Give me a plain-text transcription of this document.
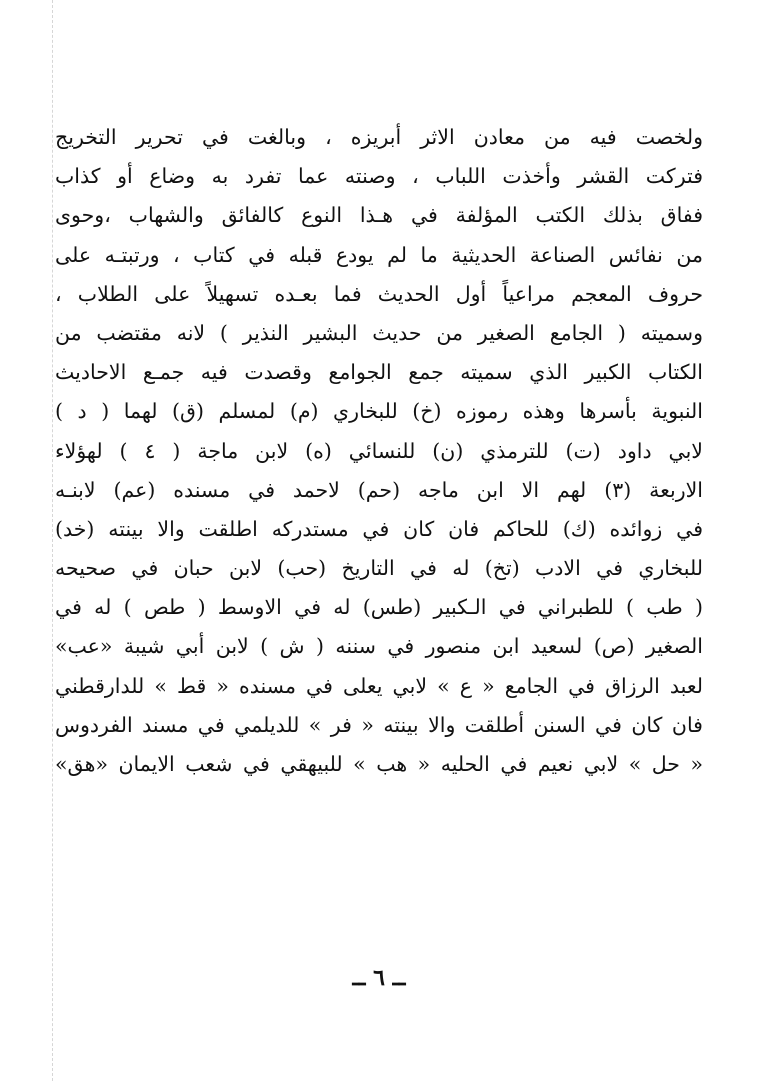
ولخصت فيه من معادن الاثر أبريزه ، وبالغت في تحرير التخريج
فتركت القشر وأخذت اللباب ، وصنته عما تفرد به وضاع أو كذاب
ففاق بذلك الكتب المؤلفة في هـذا النوع كالفائق والشهاب ،وحوى
من نفائس الصناعة الحديثية ما لم يودع قبله في كتاب ، ورتبتـه على
حروف المعجم مراعياً أول الحديث فما بعـده تسهيلاً على الطلاب ،
وسميته ( الجامع الصغير من حديث البشير النذير ) لانه مقتضب من
الكتاب الكبير الذي سميته جمع الجوامع وقصدت فيه جمـع الاحاديث
النبوية بأسرها وهذه رموزه (خ) للبخاري (م) لمسلم (ق) لهما ( د )
لابي داود (ت) للترمذي (ن) للنسائي (ه) لابن ماجة ( ٤ ) لهؤلاء
الاربعة (٣) لهم الا ابن ماجه (حم) لاحمد في مسنده (عم) لابنـه
في زوائده (ك) للحاكم فان كان في مستدركه اطلقت والا بينته (خد)
للبخاري في الادب (تخ) له في التاريخ (حب) لابن حبان في صحيحه
( طب ) للطبراني في الـكبير (طس) له في الاوسط ( طص ) له في
الصغير (ص) لسعيد ابن منصور في سننه ( ش ) لابن أبي شيبة «عب»
لعبد الرزاق في الجامع « ع » لابي يعلى في مسنده « قط » للدارقطني
فان كان في السنن أطلقت والا بينته « فر » للديلمي في مسند الفردوس
« حل » لابي نعيم في الحليه « هب » للبيهقي في شعب الايمان «هق»
ــ ٦ ــ
